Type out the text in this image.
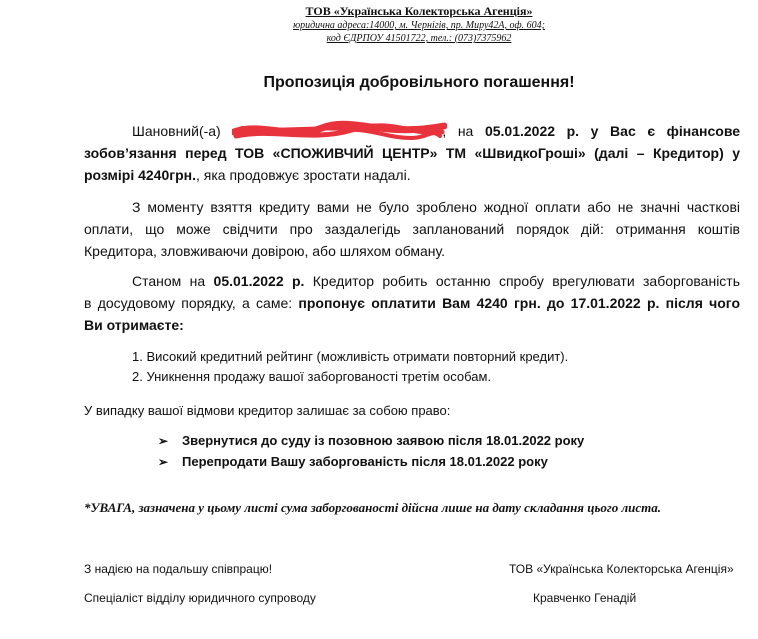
ТОВ «Українська Колекторська Агенція»
юридична адреса:14000, м. Чернігів, пр. Миру42А, оф. 604;
код ЄДРПОУ 41501722, тел.: (073)7375962
Пропозиція добровільного погашення!
Шановний(-а)	, на 05.01.2022 р. у Вас є фінансове
зобов’язання перед ТОВ «СПОЖИВЧИЙ ЦЕНТР» ТМ «ШвидкоГроші» (далі – Кредитор) у
розмірі 4240грн., яка продовжує зростати надалі.
З моменту взяття кредиту вами не було зроблено жодної оплати або не значні часткові
оплати, що може свідчити про заздалегідь запланований порядок дій: отримання коштів
Кредитора, зловживаючи довірою, або шляхом обману.
Станом на 05.01.2022 р. Кредитор робить останню спробу врегулювати заборгованість
в досудовому порядку, а саме: пропонує оплатити Вам 4240 грн. до 17.01.2022 р. після чого
Ви отримаєте:
1. Високий кредитний рейтинг (можливість отримати повторний кредит).
2. Уникнення продажу вашої заборгованості третім особам.
У випадку вашої відмови кредитор залишає за собою право:
➢ Звернутися до суду із позовною заявою після 18.01.2022 року
➢ Перепродати Вашу заборгованість після 18.01.2022 року
*УВАГА, зазначена у цьому листі сума заборгованості дійсна лише на дату складання цього листа.
З надією на подальшу співпрацю!	ТОВ «Українська Колекторська Агенція»
Спеціаліст відділу юридичного супроводу	Кравченко Генадій
